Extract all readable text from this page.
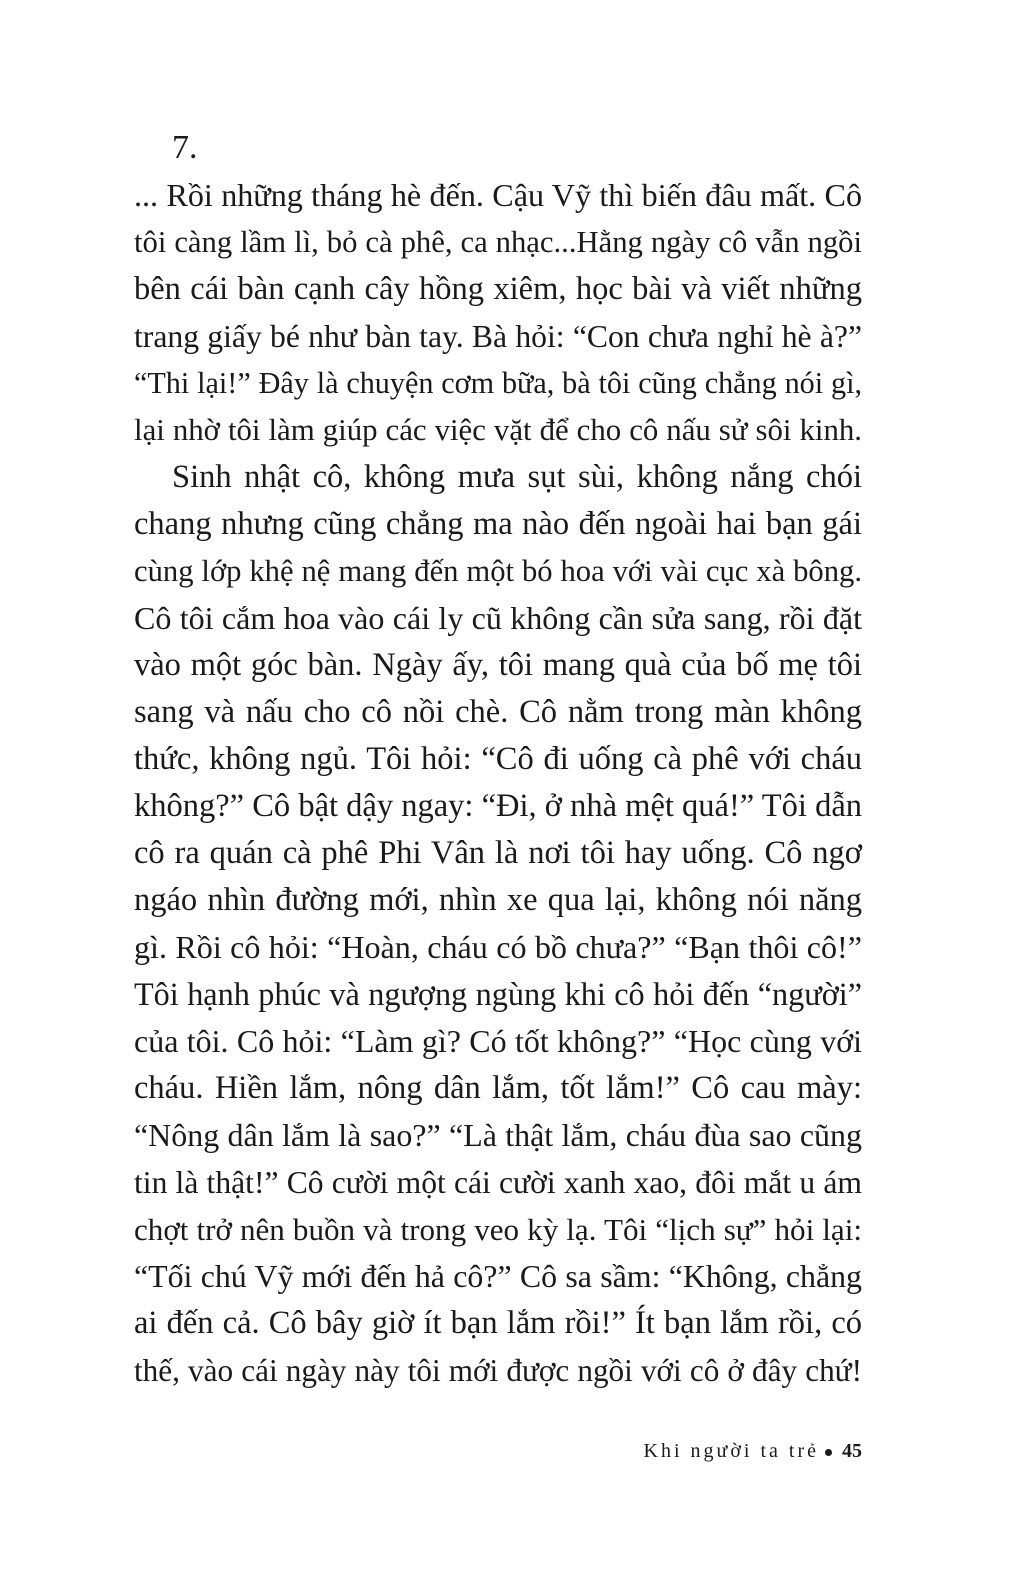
7.
... Rồi những tháng hè đến. Cậu Vỹ thì biến đâu mất. Cô
tôi càng lầm lì, bỏ cà phê, ca nhạc...Hằng ngày cô vẫn ngồi
bên cái bàn cạnh cây hồng xiêm, học bài và viết những
trang giấy bé như bàn tay. Bà hỏi: “Con chưa nghỉ hè à?”
“Thi lại!” Đây là chuyện cơm bữa, bà tôi cũng chẳng nói gì,
lại nhờ tôi làm giúp các việc vặt để cho cô nấu sử sôi kinh.
Sinh nhật cô, không mưa sụt sùi, không nắng chói
chang nhưng cũng chẳng ma nào đến ngoài hai bạn gái
cùng lớp khệ nệ mang đến một bó hoa với vài cục xà bông.
Cô tôi cắm hoa vào cái ly cũ không cần sửa sang, rồi đặt
vào một góc bàn. Ngày ấy, tôi mang quà của bố mẹ tôi
sang và nấu cho cô nồi chè. Cô nằm trong màn không
thức, không ngủ. Tôi hỏi: “Cô đi uống cà phê với cháu
không?” Cô bật dậy ngay: “Đi, ở nhà mệt quá!” Tôi dẫn
cô ra quán cà phê Phi Vân là nơi tôi hay uống. Cô ngơ
ngáo nhìn đường mới, nhìn xe qua lại, không nói năng
gì. Rồi cô hỏi: “Hoàn, cháu có bồ chưa?” “Bạn thôi cô!”
Tôi hạnh phúc và ngượng ngùng khi cô hỏi đến “người”
của tôi. Cô hỏi: “Làm gì? Có tốt không?” “Học cùng với
cháu. Hiền lắm, nông dân lắm, tốt lắm!” Cô cau mày:
“Nông dân lắm là sao?” “Là thật lắm, cháu đùa sao cũng
tin là thật!” Cô cười một cái cười xanh xao, đôi mắt u ám
chợt trở nên buồn và trong veo kỳ lạ. Tôi “lịch sự” hỏi lại:
“Tối chú Vỹ mới đến hả cô?” Cô sa sầm: “Không, chẳng
ai đến cả. Cô bây giờ ít bạn lắm rồi!” Ít bạn lắm rồi, có
thế, vào cái ngày này tôi mới được ngồi với cô ở đây chứ!
Khi người ta trẻ 45
